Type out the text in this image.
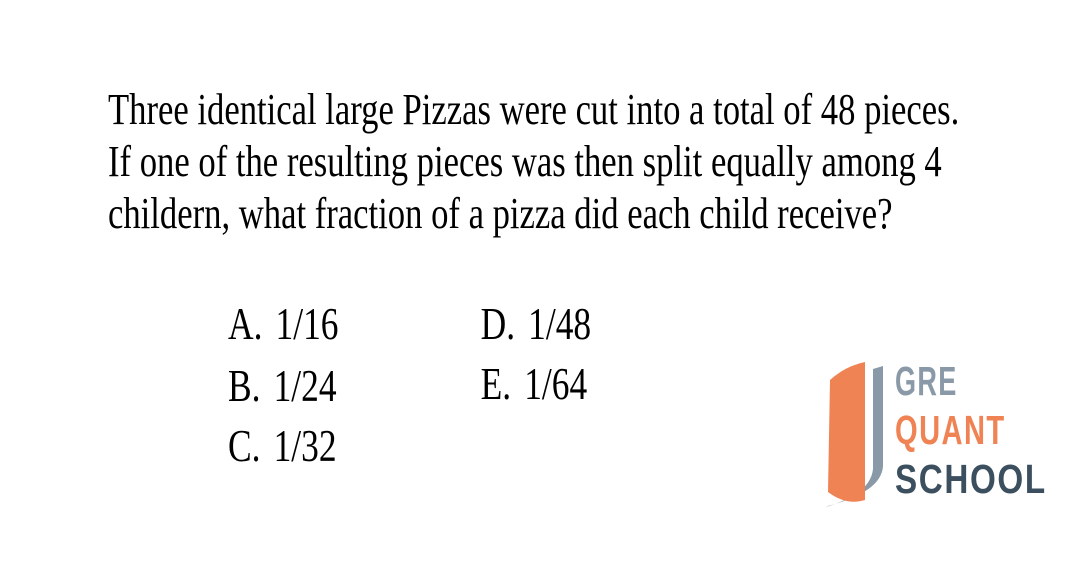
Three identical large Pizzas were cut into a total of 48 pieces.
If one of the resulting pieces was then split equally among 4
childern, what fraction of a pizza did each child receive?
A. 1/16
B. 1/24
C. 1/32
D. 1/48
E. 1/64	GRE
QUANT
SCHOOL
